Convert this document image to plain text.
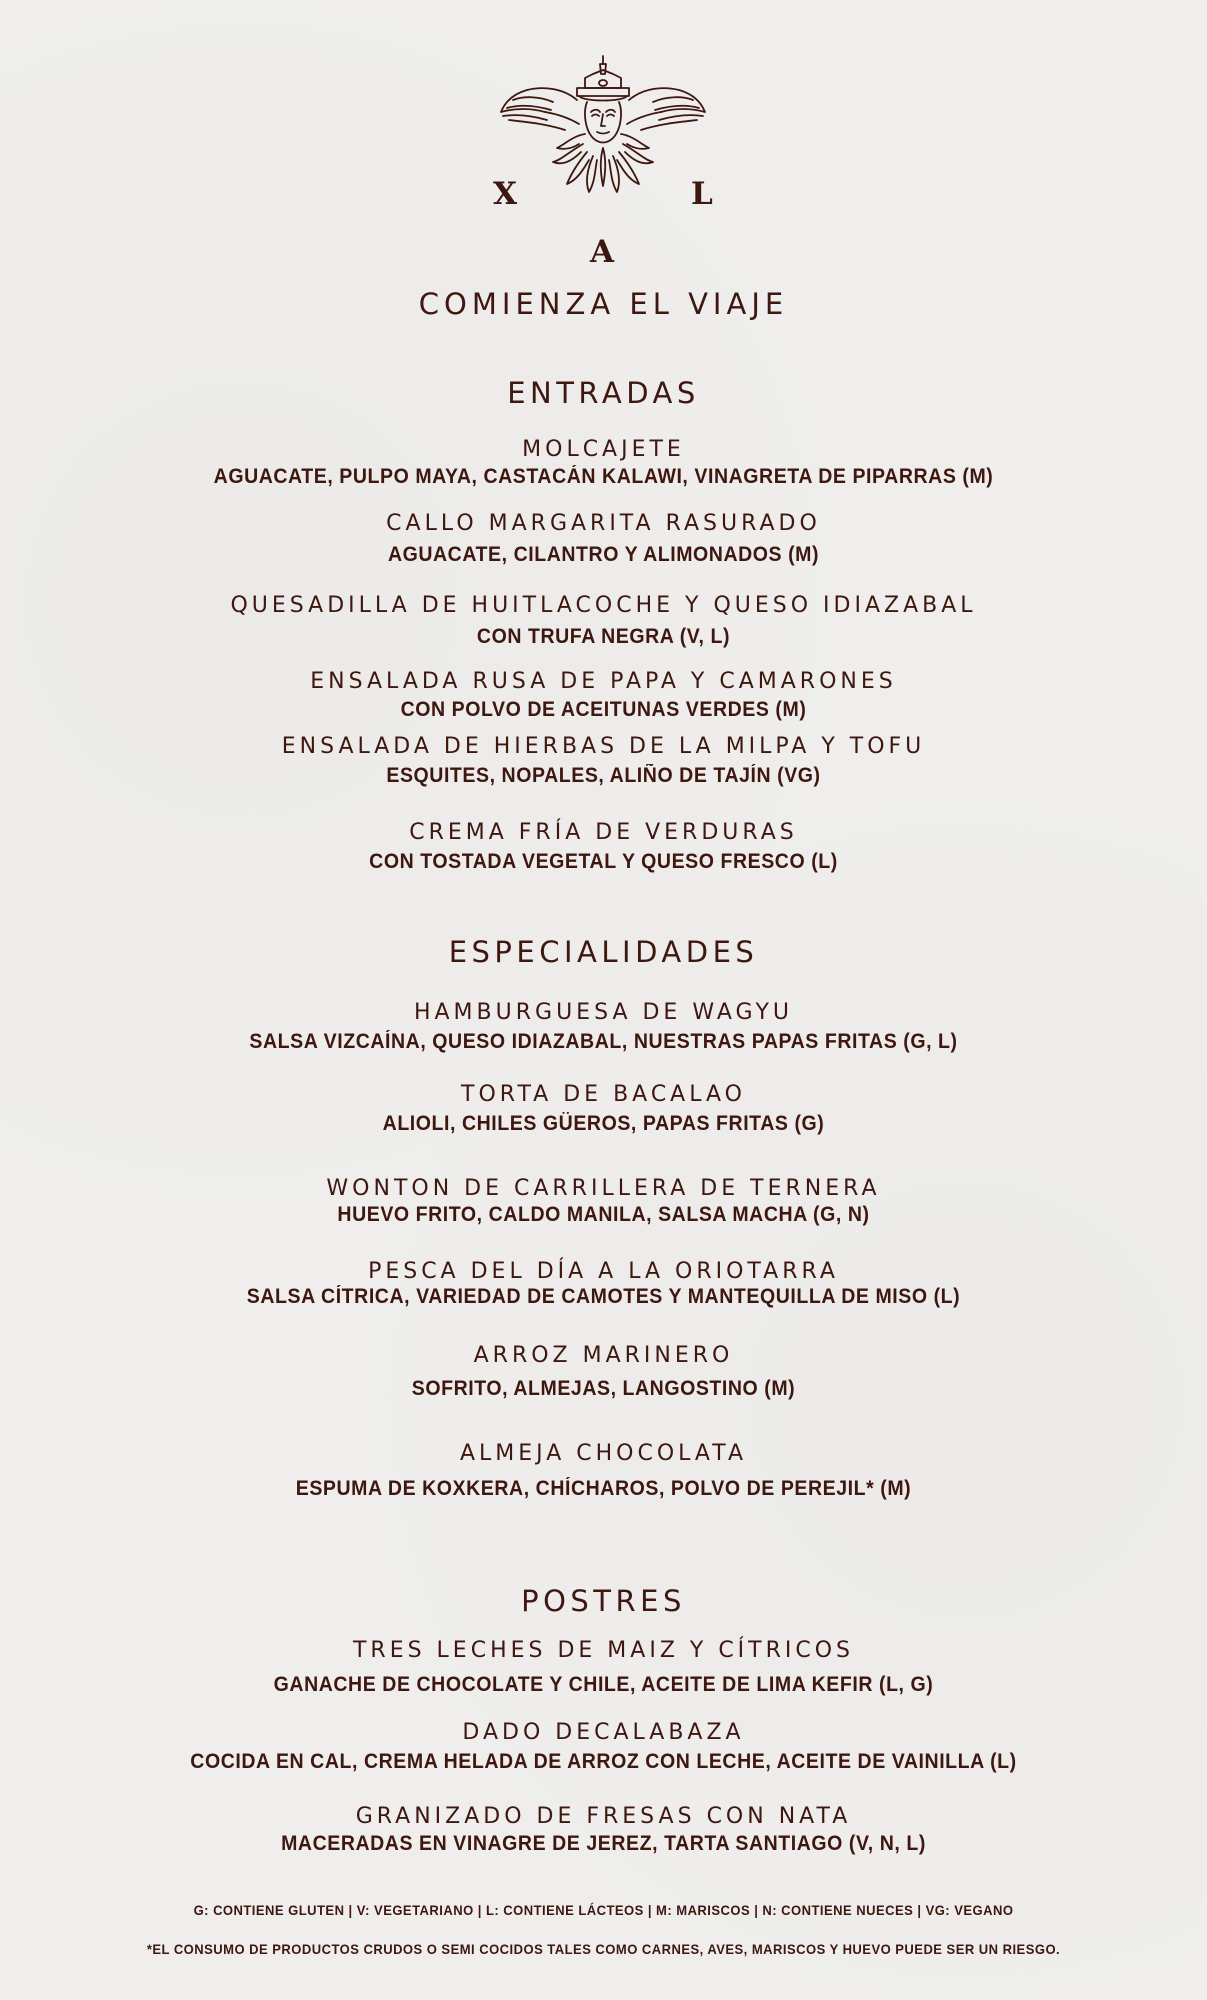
X	L
A
COMIENZA EL VIAJE
ENTRADAS
MOLCAJETE
AGUACATE, PULPO MAYA, CASTACÁN KALAWI, VINAGRETA DE PIPARRAS (M)
CALLO MARGARITA RASURADO
AGUACATE, CILANTRO Y ALIMONADOS (M)
QUESADILLA DE HUITLACOCHE Y QUESO IDIAZABAL
CON TRUFA NEGRA (V, L)
ENSALADA RUSA DE PAPA Y CAMARONES
CON POLVO DE ACEITUNAS VERDES (M)
ENSALADA DE HIERBAS DE LA MILPA Y TOFU
ESQUITES, NOPALES, ALIÑO DE TAJÍN (VG)
CREMA FRÍA DE VERDURAS
CON TOSTADA VEGETAL Y QUESO FRESCO (L)
ESPECIALIDADES
HAMBURGUESA DE WAGYU
SALSA VIZCAÍNA, QUESO IDIAZABAL, NUESTRAS PAPAS FRITAS (G, L)
TORTA DE BACALAO
ALIOLI, CHILES GÜEROS, PAPAS FRITAS (G)
WONTON DE CARRILLERA DE TERNERA
HUEVO FRITO, CALDO MANILA, SALSA MACHA (G, N)
PESCA DEL DÍA A LA ORIOTARRA
SALSA CÍTRICA, VARIEDAD DE CAMOTES Y MANTEQUILLA DE MISO (L)
ARROZ MARINERO
SOFRITO, ALMEJAS, LANGOSTINO (M)
ALMEJA CHOCOLATA
ESPUMA DE KOXKERA, CHÍCHAROS, POLVO DE PEREJIL* (M)
POSTRES
TRES LECHES DE MAIZ Y CÍTRICOS
GANACHE DE CHOCOLATE Y CHILE, ACEITE DE LIMA KEFIR (L, G)
DADO DECALABAZA
COCIDA EN CAL, CREMA HELADA DE ARROZ CON LECHE, ACEITE DE VAINILLA (L)
GRANIZADO DE FRESAS CON NATA
MACERADAS EN VINAGRE DE JEREZ, TARTA SANTIAGO (V, N, L)
G: CONTIENE GLUTEN | V: VEGETARIANO | L: CONTIENE LÁCTEOS | M: MARISCOS | N: CONTIENE NUECES | VG: VEGANO
*EL CONSUMO DE PRODUCTOS CRUDOS O SEMI COCIDOS TALES COMO CARNES, AVES, MARISCOS Y HUEVO PUEDE SER UN RIESGO.
